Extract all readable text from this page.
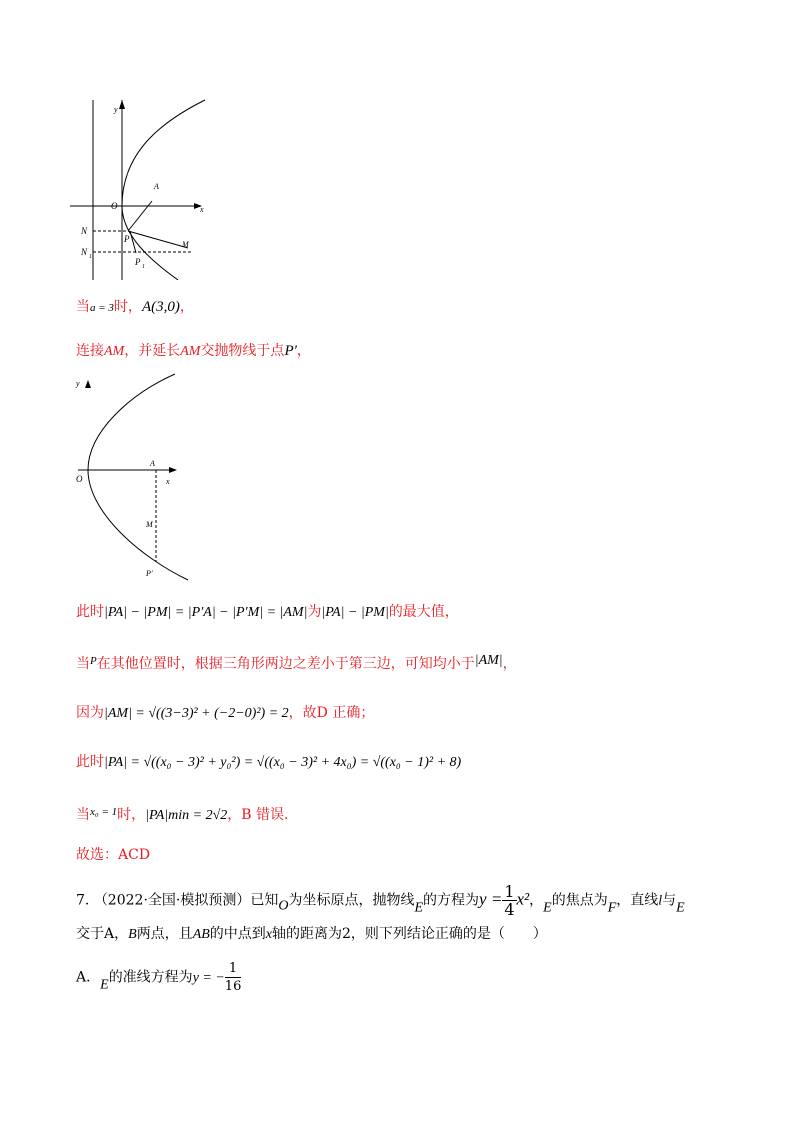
y
x
O
A
N
N 1
P
P 1
M
当a = 3时，A(3,0)，
连接AM，并延长AM交抛物线于点P′，
y
x
O
A
M
P′
此时|PA| − |PM| = |P′A| − |P′M| = |AM|为|PA| − |PM|的最大值，
当$^P$在其他位置时，根据三角形两边之差小于第三边，可知均小于|AM|，
因为|AM| = √((3−3)² + (−2−0)²) = 2，故D 正确；
此时|PA| = √((x₀ − 3)² + y₀²) = √((x₀ − 3)² + 4x₀) = √((x₀ − 1)² + 8)
当$^{x_0 = 1}$时，|PA|min = 2√2，B 错误.
故选：ACD
7. （2022·全国·模拟预测）已知O为坐标原点，抛物线E的方程为$y = \frac{1}{4} x^2$，E的焦点为F，直线l与E
交于A，B两点，且AB的中点到x轴的距离为2，则下列结论正确的是（　　）
A．E的准线方程为y = − $\frac{1}{16}$
